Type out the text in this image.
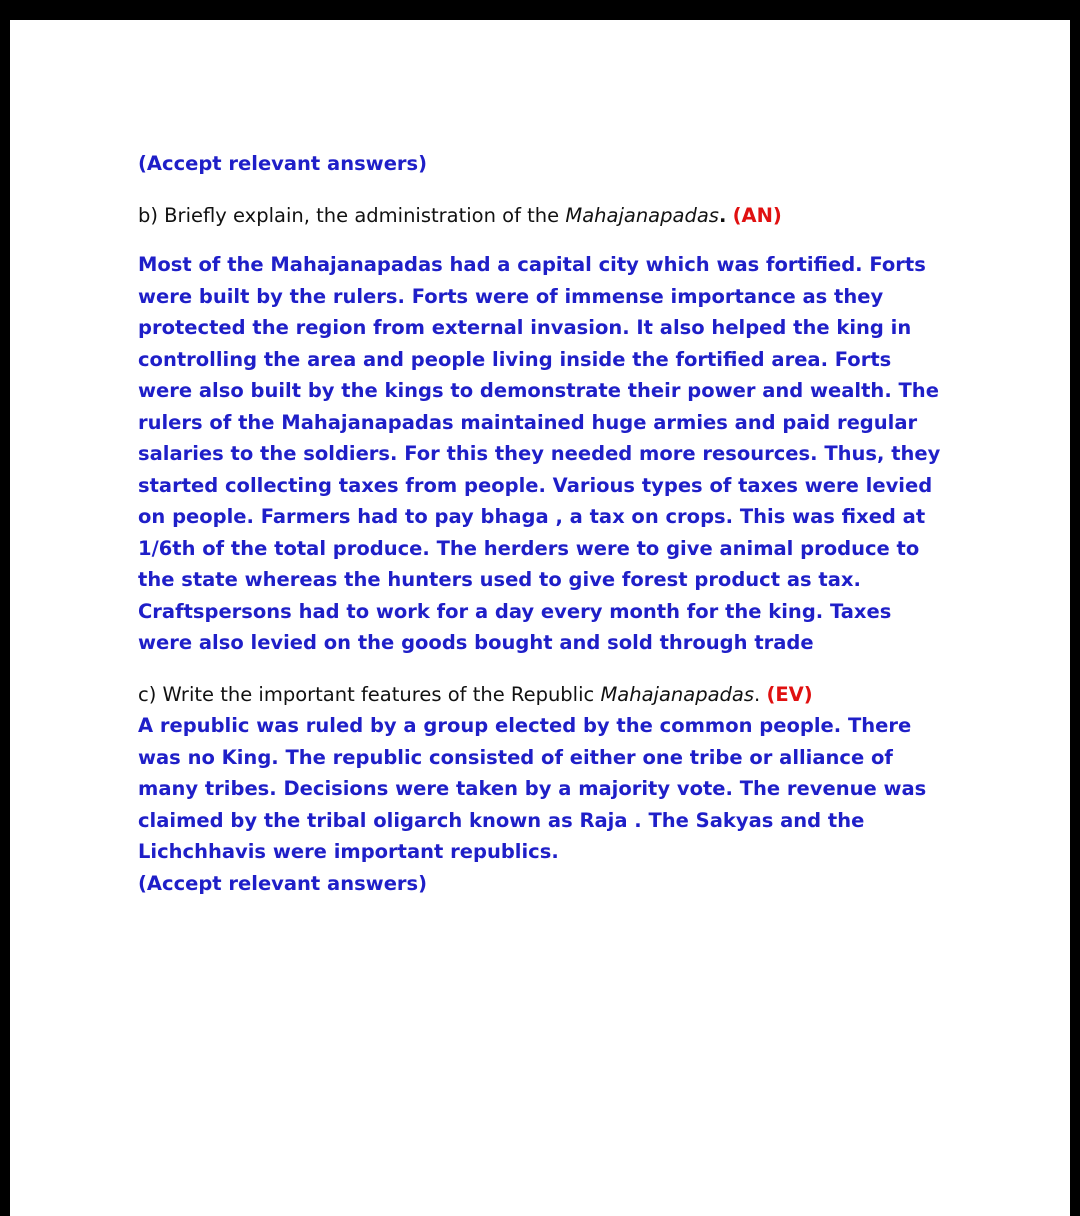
(Accept relevant answers)

b) Briefly explain, the administration of the Mahajanapadas. (AN)

Most of the Mahajanapadas had a capital city which was fortified. Forts were built by the rulers. Forts were of immense importance as they protected the region from external invasion. It also helped the king in controlling the area and people living inside the fortified area. Forts were also built by the kings to demonstrate their power and wealth. The rulers of the Mahajanapadas maintained huge armies and paid regular salaries to the soldiers. For this they needed more resources. Thus, they started collecting taxes from people. Various types of taxes were levied on people. Farmers had to pay bhaga , a tax on crops. This was fixed at 1/6th of the total produce. The herders were to give animal produce to the state whereas the hunters used to give forest product as tax. Craftspersons had to work for a day every month for the king. Taxes were also levied on the goods bought and sold through trade

c) Write the important features of the Republic Mahajanapadas. (EV)

A republic was ruled by a group elected by the common people. There was no King. The republic consisted of either one tribe or alliance of many tribes. Decisions were taken by a majority vote. The revenue was claimed by the tribal oligarch known as Raja . The Sakyas and the Lichchhavis were important republics.

(Accept relevant answers)
